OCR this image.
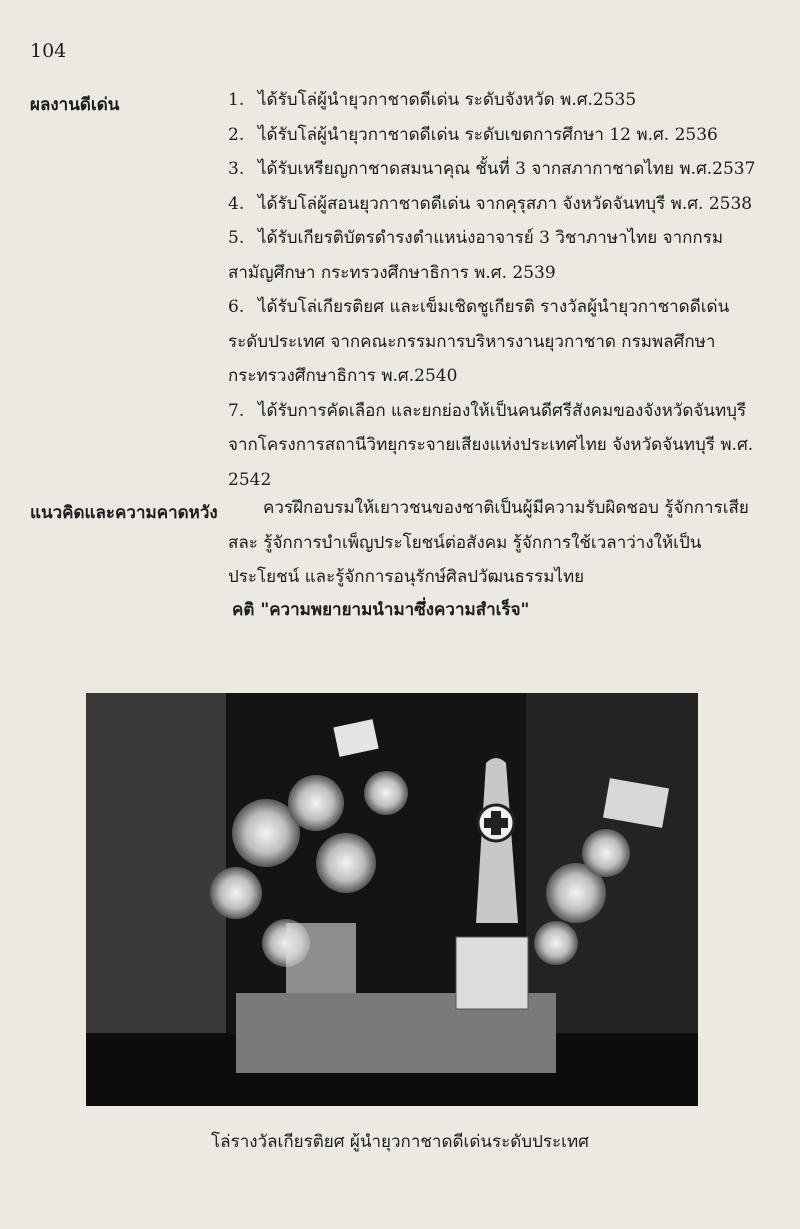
104
ผลงานดีเด่น	1. ได้รับโล่ผู้นำยุวกาชาดดีเด่น ระดับจังหวัด พ.ศ.2535

2. ได้รับโล่ผู้นำยุวกาชาดดีเด่น ระดับเขตการศึกษา 12 พ.ศ. 2536

3. ได้รับเหรียญกาชาดสมนาคุณ ชั้นที่ 3 จากสภากาชาดไทย พ.ศ.2537

4. ได้รับโล่ผู้สอนยุวกาชาดดีเด่น จากคุรุสภา จังหวัดจันทบุรี พ.ศ. 2538

5. ได้รับเกียรติบัตรดำรงตำแหน่งอาจารย์ 3 วิชาภาษาไทย จากกรมสามัญศึกษา กระทรวงศึกษาธิการ พ.ศ. 2539

6. ได้รับโล่เกียรติยศ และเข็มเชิดชูเกียรติ รางวัลผู้นำยุวกาชาดดีเด่นระดับประเทศ จากคณะกรรมการบริหารงานยุวกาชาด กรมพลศึกษา กระทรวงศึกษาธิการ พ.ศ.2540

7. ได้รับการคัดเลือก และยกย่องให้เป็นคนดีศรีสังคมของจังหวัดจันทบุรี จากโครงการสถานีวิทยุกระจายเสียงแห่งประเทศไทย จังหวัดจันทบุรี พ.ศ. 2542

แนวคิดและความคาดหวัง	ควรฝึกอบรมให้เยาวชนของชาติเป็นผู้มีความรับผิดชอบ รู้จักการเสียสละ รู้จักการบำเพ็ญประโยชน์ต่อสังคม รู้จักการใช้เวลาว่างให้เป็นประโยชน์ และรู้จักการอนุรักษ์ศิลปวัฒนธรรมไทย
คติ "ความพยายามนำมาซึ่งความสำเร็จ"
โล่รางวัลเกียรติยศ ผู้นำยุวกาชาดดีเด่นระดับประเทศ
